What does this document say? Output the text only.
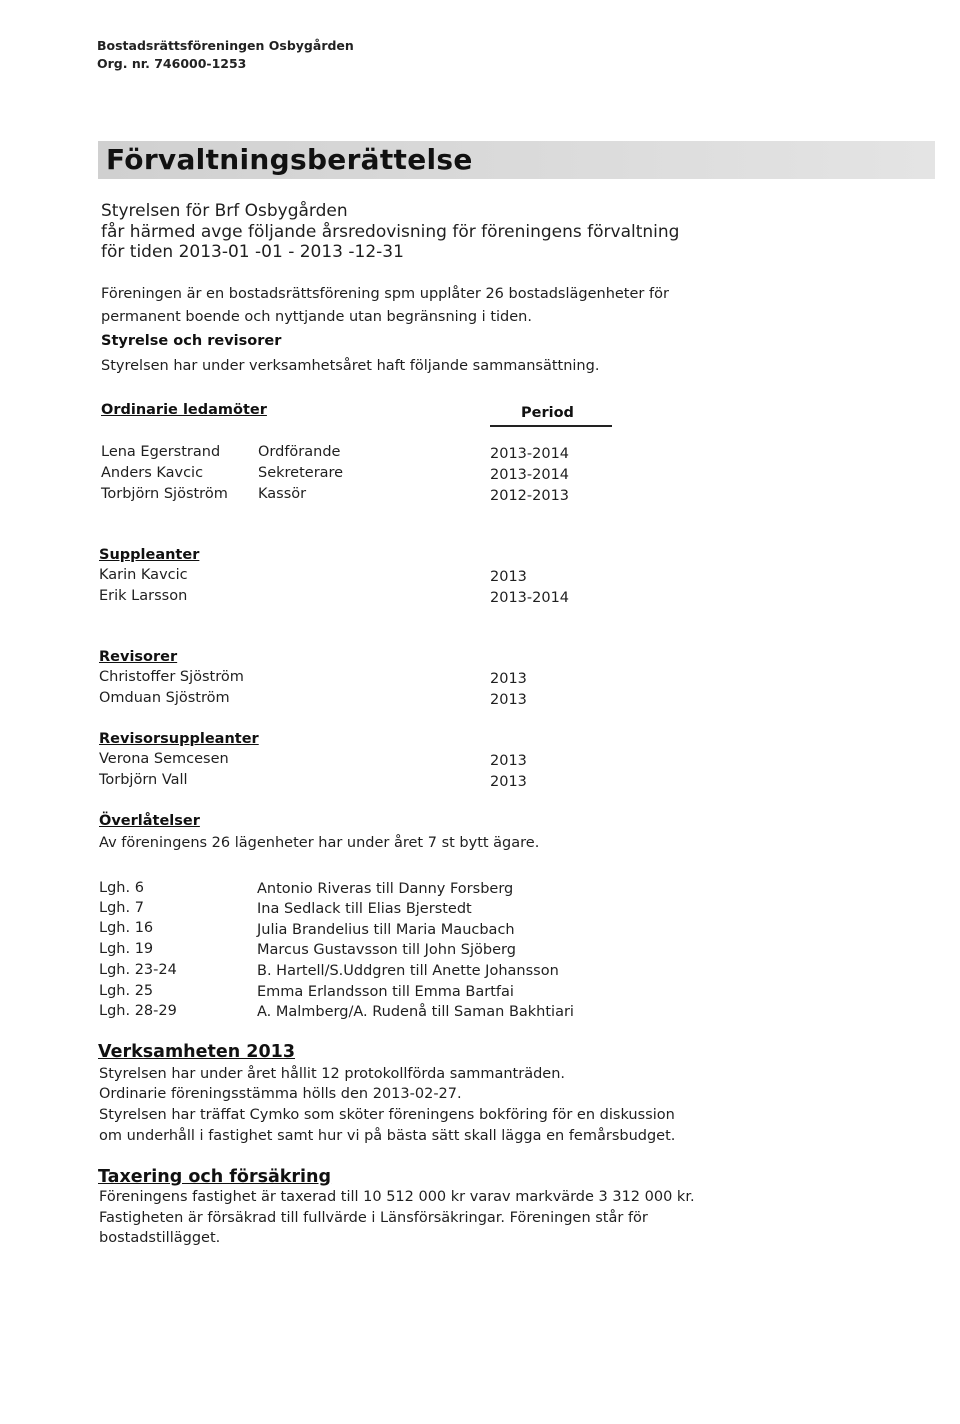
Bostadsrättsföreningen Osbygården
Org. nr. 746000-1253
Förvaltningsberättelse
Styrelsen för Brf Osbygården
får härmed avge följande årsredovisning för föreningens förvaltning
för tiden 2013-01 -01 - 2013 -12-31
Föreningen är en bostadsrättsförening spm upplåter 26 bostadslägenheter för
permanent boende och nyttjande utan begränsning i tiden.
Styrelse och revisorer
Styrelsen har under verksamhetsåret haft följande sammansättning.
Ordinarie ledamöter	Period
Lena Egerstrand	Ordförande	2013-2014
Anders Kavcic	Sekreterare	2013-2014
Torbjörn Sjöström Kassör	2012-2013
Suppleanter
Karin Kavcic	2013
Erik Larsson	2013-2014
Revisorer
Christoffer Sjöström	2013
Omduan Sjöström	2013
Revisorsuppleanter
Verona Semcesen	2013
Torbjörn Vall	2013
Överlåtelser
Av föreningens 26 lägenheter har under året 7 st bytt ägare.
Lgh. 6	Antonio Riveras till Danny Forsberg
Lgh. 7	Ina Sedlack till Elias Bjerstedt
Lgh. 16	Julia Brandelius till Maria Maucbach
Lgh. 19	Marcus Gustavsson till John Sjöberg
Lgh. 23-24	B. Hartell/S.Uddgren till Anette Johansson
Lgh. 25	Emma Erlandsson till Emma Bartfai
Lgh. 28-29	A. Malmberg/A. Rudenå till Saman Bakhtiari
Verksamheten 2013
Styrelsen har under året hållit 12 protokollförda sammanträden.
Ordinarie föreningsstämma hölls den 2013-02-27.
Styrelsen har träffat Cymko som sköter föreningens bokföring för en diskussion
om underhåll i fastighet samt hur vi på bästa sätt skall lägga en femårsbudget.
Taxering och försäkring
Föreningens fastighet är taxerad till 10 512 000 kr varav markvärde 3 312 000 kr.
Fastigheten är försäkrad till fullvärde i Länsförsäkringar. Föreningen står för
bostadstillägget.
